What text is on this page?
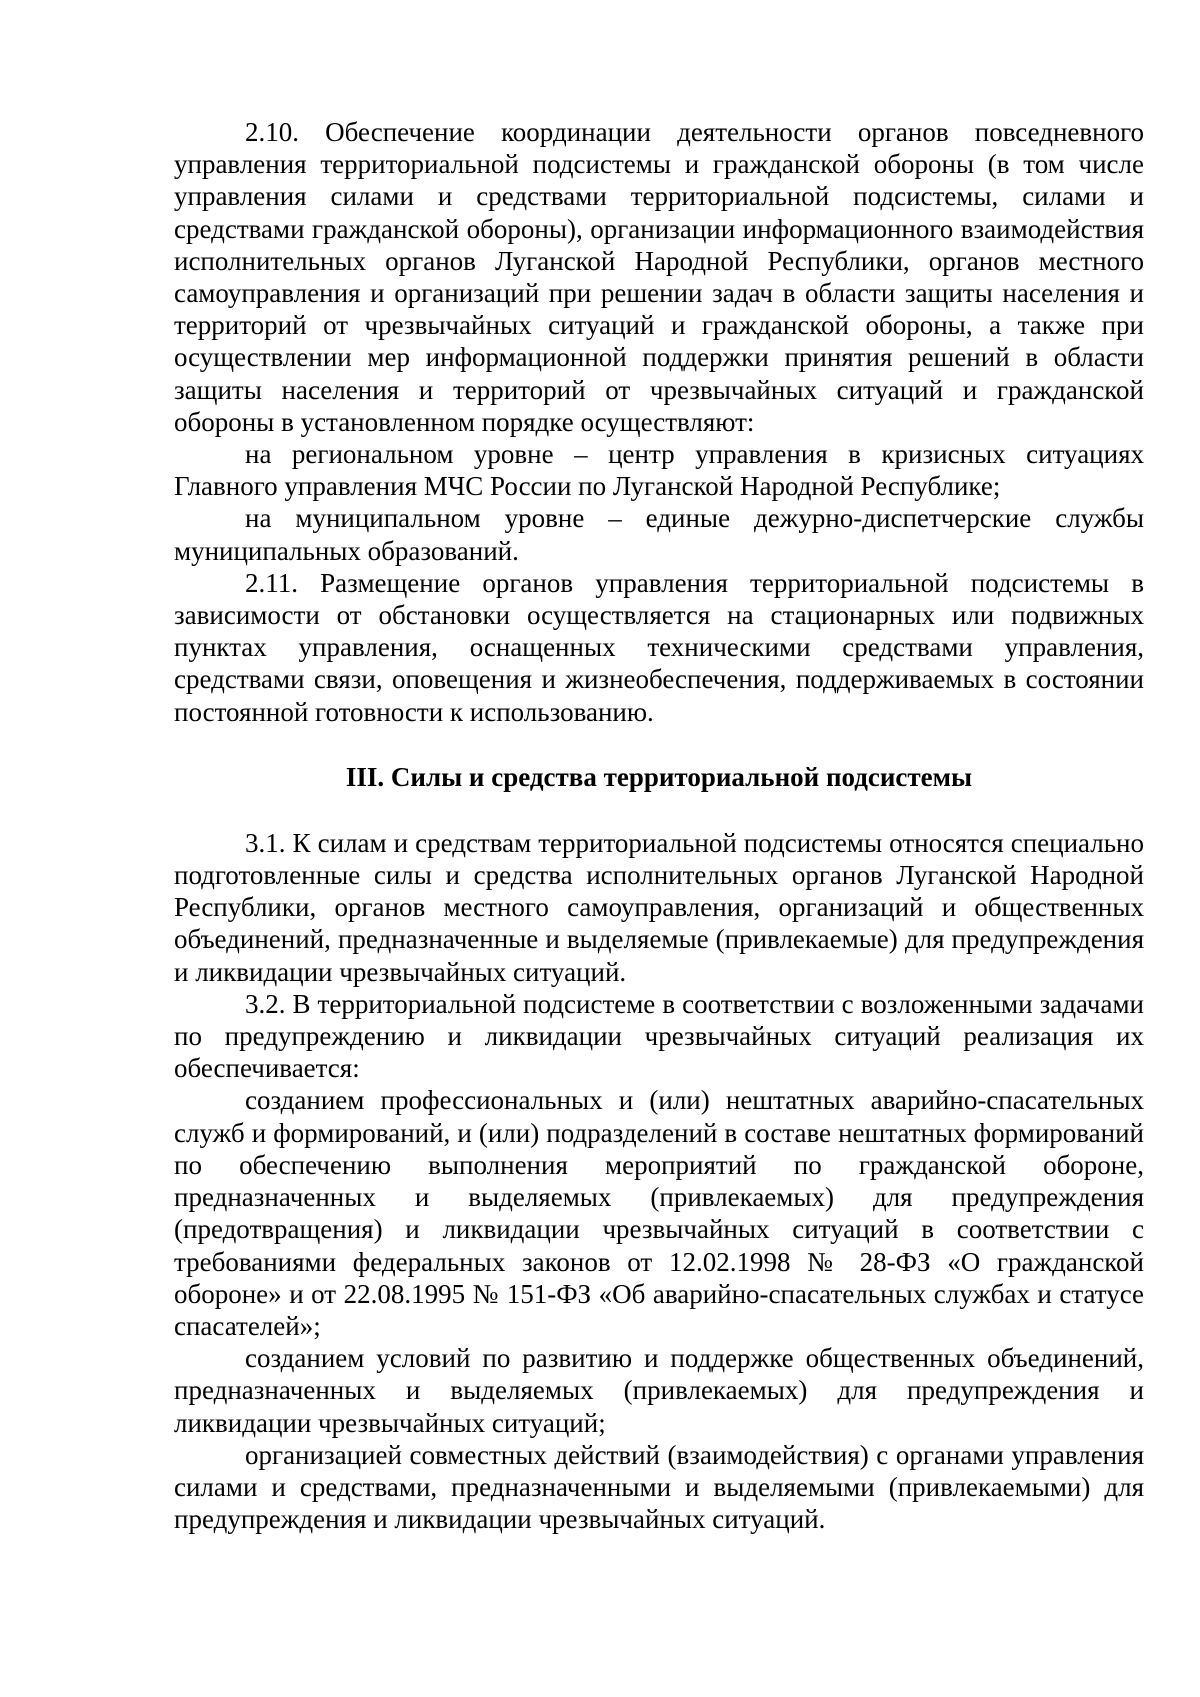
2.10. Обеспечение координации деятельности органов повседневного управления территориальной подсистемы и гражданской обороны (в том числе управления силами и средствами территориальной подсистемы, силами и средствами гражданской обороны), организации информационного взаимодействия исполнительных органов Луганской Народной Республики, органов местного самоуправления и организаций при решении задач в области защиты населения и территорий от чрезвычайных ситуаций и гражданской обороны, а также при осуществлении мер информационной поддержки принятия решений в области защиты населения и территорий от чрезвычайных ситуаций и гражданской обороны в установленном порядке осуществляют:

на региональном уровне – центр управления в кризисных ситуациях Главного управления МЧС России по Луганской Народной Республике;

на муниципальном уровне – единые дежурно-диспетчерские службы муниципальных образований.

2.11. Размещение органов управления территориальной подсистемы в зависимости от обстановки осуществляется на стационарных или подвижных пунктах управления, оснащенных техническими средствами управления, средствами связи, оповещения и жизнеобеспечения, поддерживаемых в состоянии постоянной готовности к использованию.

III. Силы и средства территориальной подсистемы

3.1. К силам и средствам территориальной подсистемы относятся специально подготовленные силы и средства исполнительных органов Луганской Народной Республики, органов местного самоуправления, организаций и общественных объединений, предназначенные и выделяемые (привлекаемые) для предупреждения и ликвидации чрезвычайных ситуаций.

3.2. В территориальной подсистеме в соответствии с возложенными задачами по предупреждению и ликвидации чрезвычайных ситуаций реализация их обеспечивается:

созданием профессиональных и (или) нештатных аварийно-спасательных служб и формирований, и (или) подразделений в составе нештатных формирований по обеспечению выполнения мероприятий по гражданской обороне, предназначенных и выделяемых (привлекаемых) для предупреждения (предотвращения) и ликвидации чрезвычайных ситуаций в соответствии с требованиями федеральных законов от 12.02.1998 № 28-ФЗ «О гражданской обороне» и от 22.08.1995 № 151-ФЗ «Об аварийно-спасательных службах и статусе спасателей»;

созданием условий по развитию и поддержке общественных объединений, предназначенных и выделяемых (привлекаемых) для предупреждения и ликвидации чрезвычайных ситуаций;

организацией совместных действий (взаимодействия) с органами управления силами и средствами, предназначенными и выделяемыми (привлекаемыми) для предупреждения и ликвидации чрезвычайных ситуаций.
